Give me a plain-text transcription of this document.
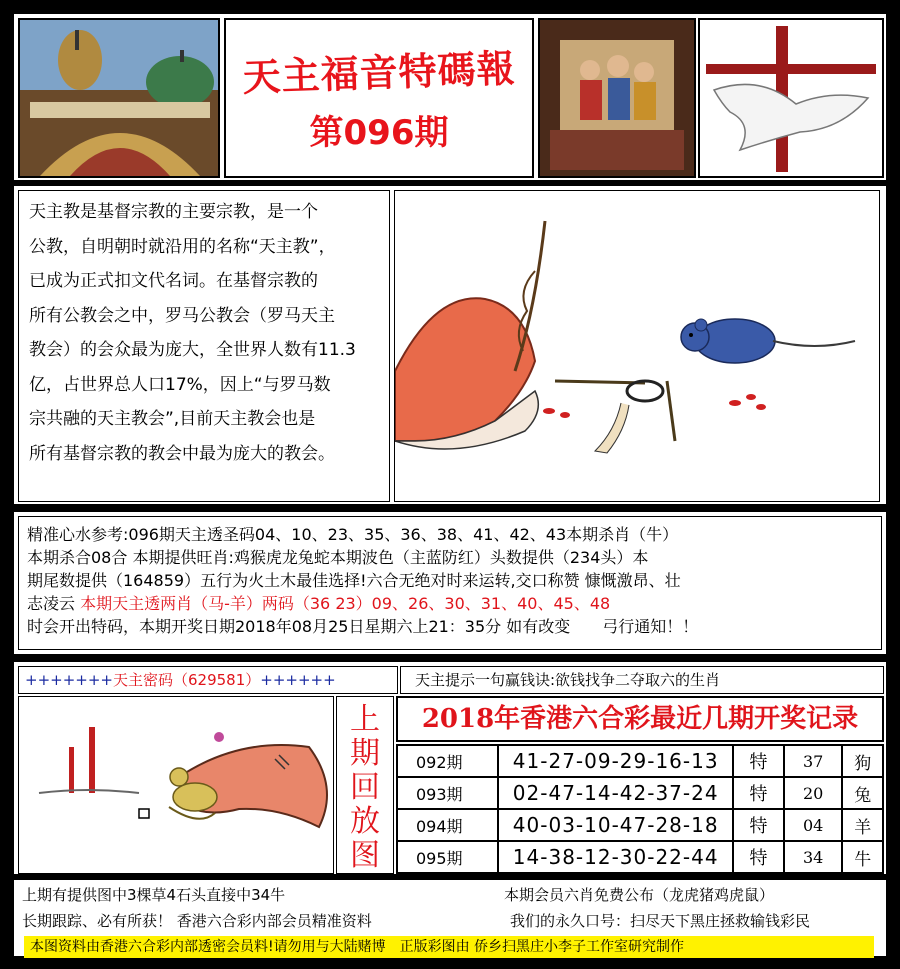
天主福音特碼報
第096期
天主教是基督宗教的主要宗教，是一个
公教，自明朝时就沿用的名称“天主教”，
已成为正式扣文代名词。在基督宗教的
所有公教会之中，罗马公教会（罗马天主
教会）的会众最为庞大，全世界人数有11.3
亿，占世界总人口17%，因上“与罗马数
宗共融的天主教会”,目前天主教会也是
所有基督宗教的教会中最为庞大的教会。
精准心水参考:096期天主透圣码04、10、23、35、36、38、41、42、43本期杀肖（牛）
本期杀合08合 本期提供旺肖:鸡猴虎龙兔蛇本期波色（主蓝防红）头数提供（234头）本
期尾数提供（164859）五行为火土木最佳选择!六合无绝对时来运转,交口称赞 慷慨激昂、壮
志凌云 本期天主透两肖（马-羊）两码（36 23）09、26、30、31、40、45、48
时会开出特码，本期开奖日期2018年08月25日星期六上21：35分 如有改变　　弓行通知！！
+++++++天主密码（629581）++++++	天主提示一句赢钱诀:欲钱找争二夺取六的生肖
上
期
回
放
图
2018年香港六合彩最近几期开奖记录
092期	41-27-09-29-16-13	特	37	狗
093期	02-47-14-42-37-24	特	20	兔
094期	40-03-10-47-28-18	特	04	羊
095期	14-38-12-30-22-44	特	34	牛
上期有提供图中3棵草4石头直接中34牛	本期会员六肖免费公布（龙虎猪鸡虎鼠）
长期跟踪、必有所获！ 香港六合彩内部会员精准资料	我们的永久口号：扫尽天下黑庄拯救输钱彩民
本图资料由香港六合彩内部透密会员料!请勿用与大陆赌博　正版彩图由 侨乡扫黑庄小李子工作室研究制作
